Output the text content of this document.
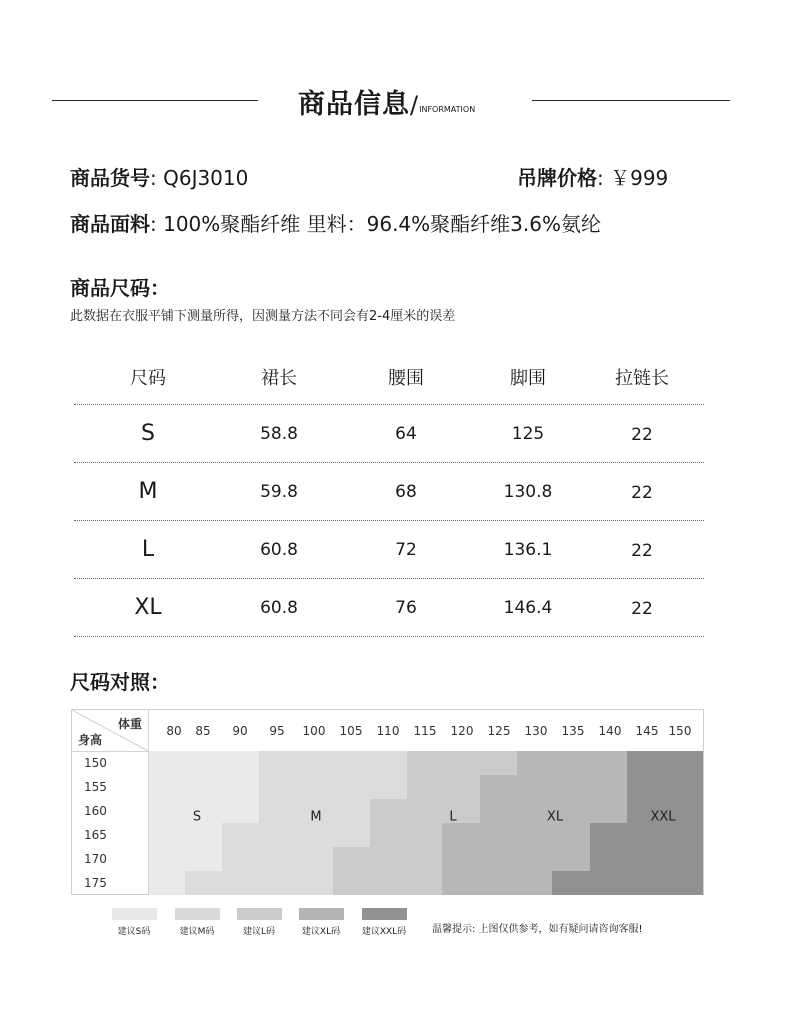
商品信息/INFORMATION
商品货号: Q6J3010	吊牌价格: ￥999
商品面料: 100%聚酯纤维 里料：96.4%聚酯纤维3.6%氨纶
商品尺码：
此数据在衣服平铺下测量所得，因测量方法不同会有2-4厘米的误差
尺码	裙长	腰围	脚围	拉链长
S	58.8	64	125	22
M	59.8	68	130.8	22
L	60.8	72	136.1	22
XL	60.8	76	146.4	22
尺码对照：
体重
身高
80 85 90 95 100 105 110 115 120 125 130 135 140 145 150
150
155
160
165
170
175
S	M	L	XL	XXL
建议S码	建议M码	建议L码	建议XL码 建议XXL码	温馨提示: 上图仅供参考，如有疑问请咨询客服!
